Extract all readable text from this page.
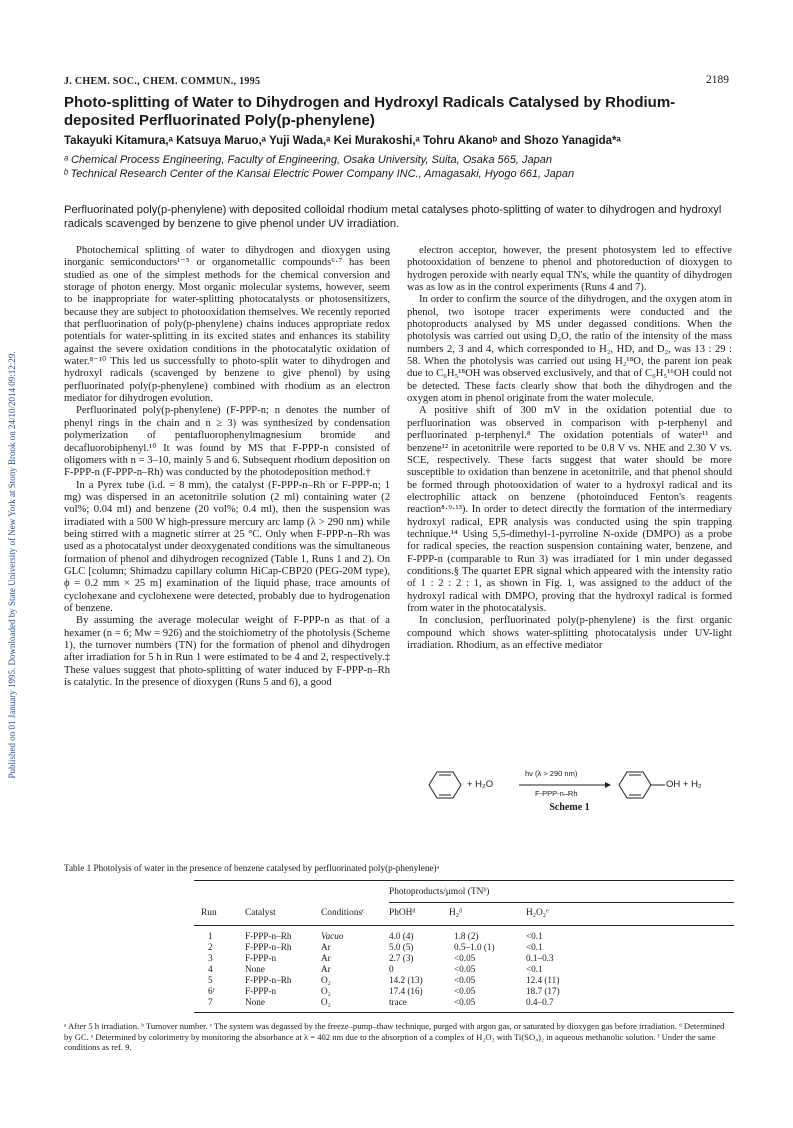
Published on 01 January 1995. Downloaded by State University of New York at Stony Brook on 24/10/2014 09:12:29.
J. CHEM. SOC., CHEM. COMMUN., 1995	2189
Photo-splitting of Water to Dihydrogen and Hydroxyl Radicals Catalysed by Rhodium-deposited Perfluorinated Poly(p-phenylene)
Takayuki Kitamura,ᵃ Katsuya Maruo,ᵃ Yuji Wada,ᵃ Kei Murakoshi,ᵃ Tohru Akanoᵇ and Shozo Yanagida*ᵃ
ᵃ Chemical Process Engineering, Faculty of Engineering, Osaka University, Suita, Osaka 565, Japan
ᵇ Technical Research Center of the Kansai Electric Power Company INC., Amagasaki, Hyogo 661, Japan
Perfluorinated poly(p-phenylene) with deposited colloidal rhodium metal catalyses photo-splitting of water to dihydrogen and hydroxyl radicals scavenged by benzene to give phenol under UV irradiation.

Photochemical splitting of water to dihydrogen and dioxygen using inorganic semiconductors¹⁻⁵ or organometallic compounds⁶·⁷ has been studied as one of the simplest methods for the chemical conversion and storage of photon energy. Most organic molecular systems, however, seem to be inappropriate for water-splitting photocatalysts or photosensitizers, because they are subject to photooxidation themselves. We recently reported that perfluorination of poly(p-phenylene) chains induces appropriate redox potentials for water-splitting in its excited states and enhances its stability against the severe oxidation conditions in the photocatalytic oxidation of water.⁸⁻¹⁰ This led us successfully to photo-split water to dihydrogen and hydroxyl radicals (scavenged by benzene to give phenol) by using perfluorinated poly(p-phenylene) combined with rhodium as an electron mediator for dihydrogen evolution.

Perfluorinated poly(p-phenylene) (F-PPP-n; n denotes the number of phenyl rings in the chain and n ≥ 3) was synthesized by condensation polymerization of pentafluorophenylmagnesium bromide and decafluorobiphenyl.¹⁰ It was found by MS that F-PPP-n consisted of oligomers with n = 3–10, mainly 5 and 6. Subsequent rhodium deposition on F-PPP-n (F-PPP-n–Rh) was conducted by the photodeposition method.†

In a Pyrex tube (i.d. = 8 mm), the catalyst (F-PPP-n–Rh or F-PPP-n; 1 mg) was dispersed in an acetonitrile solution (2 ml) containing water (2 vol%; 0.04 ml) and benzene (20 vol%; 0.4 ml), then the suspension was irradiated with a 500 W high-pressure mercury arc lamp (λ > 290 nm) while being stirred with a magnetic stirrer at 25 °C. Only when F-PPP-n–Rh was used as a photocatalyst under deoxygenated conditions was the simultaneous formation of phenol and dihydrogen recognized (Table 1, Runs 1 and 2). On GLC [column; Shimadzu capillary column HiCap-CBP20 (PEG-20M type), ϕ = 0.2 mm × 25 m] examination of the liquid phase, trace amounts of cyclohexane and cyclohexene were detected, probably due to hydrogenation of benzene.

By assuming the average molecular weight of F-PPP-n as that of a hexamer (n = 6; Mw = 926) and the stoichiometry of the photolysis (Scheme 1), the turnover numbers (TN) for the formation of phenol and dihydrogen after irradiation for 5 h in Run 1 were estimated to be 4 and 2, respectively.‡ These values suggest that photo-splitting of water induced by F-PPP-n–Rh is catalytic. In the presence of dioxygen (Runs 5 and 6), a good

electron acceptor, however, the present photosystem led to effective photooxidation of benzene to phenol and photoreduction of dioxygen to hydrogen peroxide with nearly equal TN's, while the quantity of dihydrogen was as low as in the control experiments (Runs 4 and 7).

In order to confirm the source of the dihydrogen, and the oxygen atom in phenol, two isotope tracer experiments were conducted and the photoproducts analysed by MS under degassed conditions. When the photolysis was carried out using D₂O, the ratio of the intensity of the mass numbers 2, 3 and 4, which corresponded to H₂, HD, and D₂, was 13 : 29 : 58. When the photolysis was carried out using H₂¹⁸O, the parent ion peak due to C₆H₅¹⁸OH was observed exclusively, and that of C₆H₅¹⁶OH could not be detected. These facts clearly show that both the dihydrogen and the oxygen atom in phenol originate from the water molecule.

A positive shift of 300 mV in the oxidation potential due to perfluorination was observed in comparison with p-terphenyl and perfluorinated p-terphenyl.⁸ The oxidation potentials of water¹¹ and benzene¹² in acetonitrile were reported to be 0.8 V vs. NHE and 2.30 V vs. SCE, respectively. These facts suggest that water should be more susceptible to oxidation than benzene in acetonitrile, and that phenol should be formed through photooxidation of water to a hydroxyl radical and its electrophilic attack on benzene (photoinduced Fenton's reagents reaction⁸·⁹·¹³). In order to detect directly the formation of the intermediary hydroxyl radical, EPR analysis was conducted using the spin trapping technique.¹⁴ Using 5,5-dimethyl-1-pyrroline N-oxide (DMPO) as a probe for radical species, the reaction suspension containing water, benzene, and F-PPP-n (comparable to Run 3) was irradiated for 1 min under degassed conditions.§ The quartet EPR signal which appeared with the intensity ratio of 1 : 2 : 2 : 1, as shown in Fig. 1, was assigned to the adduct of the hydroxyl radical with DMPO, proving that the hydroxyl radical is formed from water in the photocatalysis.

In conclusion, perfluorinated poly(p-phenylene) is the first organic compound which shows water-splitting photocatalysis under UV-light irradiation. Rhodium, as an effective mediator

+ H₂O
hν (λ > 290 nm)
F-PPP-n–Rh
OH + H₂
Scheme 1
Table 1 Photolysis of water in the presence of benzene catalysed by perfluorinated poly(p-phenylene)ᵃ
Photoproducts/μmol (TNᵇ)
Run	Catalyst	Conditionsᶜ	PhOHᵈ	H₂ᵈ	H₂O₂ᵉ
1	F-PPP-n–Rh	Vacuo	4.0 (4)	1.8 (2)	<0.1
2	F-PPP-n–Rh	Ar	5.0 (5)	0.5–1.0 (1)	<0.1
3	F-PPP-n	Ar	2.7 (3)	<0.05	0.1–0.3
4	None	Ar	0	<0.05	<0.1
5	F-PPP-n–Rh	O₂	14.2 (13)	<0.05	12.4 (11)
6ᶠ	F-PPP-n	O₂	17.4 (16)	<0.05	18.7 (17)
7	None	O₂	trace	<0.05	0.4–0.7
ᵃ After 5 h irradiation. ᵇ Turnover number. ᶜ The system was degassed by the freeze–pump–thaw technique, purged with argon gas, or saturated by dioxygen gas before irradiation. ᵈ Determined by GC. ᵉ Determined by colorimetry by monitoring the absorbance at λ = 402 nm due to the absorption of a complex of H₂O₂ with Ti(SO₄)₂ in aqueous methanolic solution. ᶠ Under the same conditions as ref. 9.
